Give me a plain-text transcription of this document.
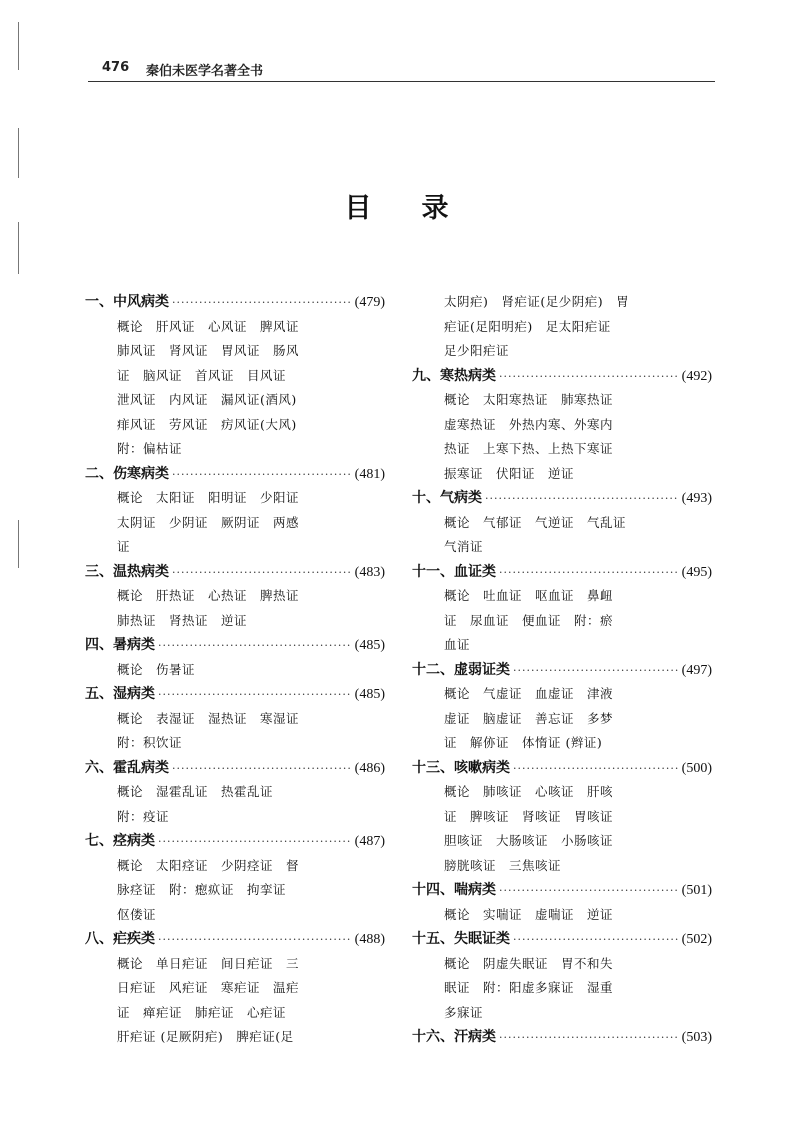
476 秦伯未医学名著全书
目录
一、中风病类 ·····	(479)
概论　肝风证　心风证　脾风证
肺风证　肾风证　胃风证　肠风
证　脑风证　首风证　目风证
泄风证　内风证　漏风证(酒风)
痱风证　劳风证　疠风证(大风)
附：偏枯证
二、伤寒病类 ·····	(481)
概论　太阳证　阳明证　少阳证
太阴证　少阴证　厥阴证　两感
证
三、温热病类 ·····	(483)
概论　肝热证　心热证　脾热证
肺热证　肾热证　逆证
四、暑病类 ·····	(485)
概论　伤暑证
五、湿病类 ·····	(485)
概论　表湿证　湿热证　寒湿证
附：积饮证
六、霍乱病类 ·····	(486)
概论　湿霍乱证　热霍乱证
附：疫证
七、痉病类 ·····	(487)
概论　太阳痉证　少阴痉证　督
脉痉证　附：瘛疭证　拘挛证
伛偻证
八、疟疾类 ·····	(488)
概论　单日疟证　间日疟证　三
日疟证　风疟证　寒疟证　温疟
证　瘅疟证　肺疟证　心疟证
肝疟证 (足厥阴疟)　脾疟证(足
太阴疟)　肾疟证(足少阴疟)　胃
疟证(足阳明疟)　足太阳疟证
足少阳疟证
九、寒热病类 ·····	(492)
概论　太阳寒热证　肺寒热证
虚寒热证　外热内寒、外寒内
热证　上寒下热、上热下寒证
振寒证　伏阳证　逆证
十、气病类 ·····	(493)
概论　气郁证　气逆证　气乱证
气消证
十一、血证类 ·····	(495)
概论　吐血证　呕血证　鼻衄
证　尿血证　便血证　附：瘀
血证
十二、虚弱证类 ·····	(497)
概论　气虚证　血虚证　津液
虚证　脑虚证　善忘证　多梦
证　解㑊证　体惰证 (辫证)
十三、咳嗽病类 ·····	(500)
概论　肺咳证　心咳证　肝咳
证　脾咳证　肾咳证　胃咳证
胆咳证　大肠咳证　小肠咳证
膀胱咳证　三焦咳证
十四、喘病类 ·····	(501)
概论　实喘证　虚喘证　逆证
十五、失眠证类 ·····	(502)
概论　阴虚失眠证　胃不和失
眠证　附：阳虚多寐证　湿重
多寐证
十六、汗病类 ·····	(503)
